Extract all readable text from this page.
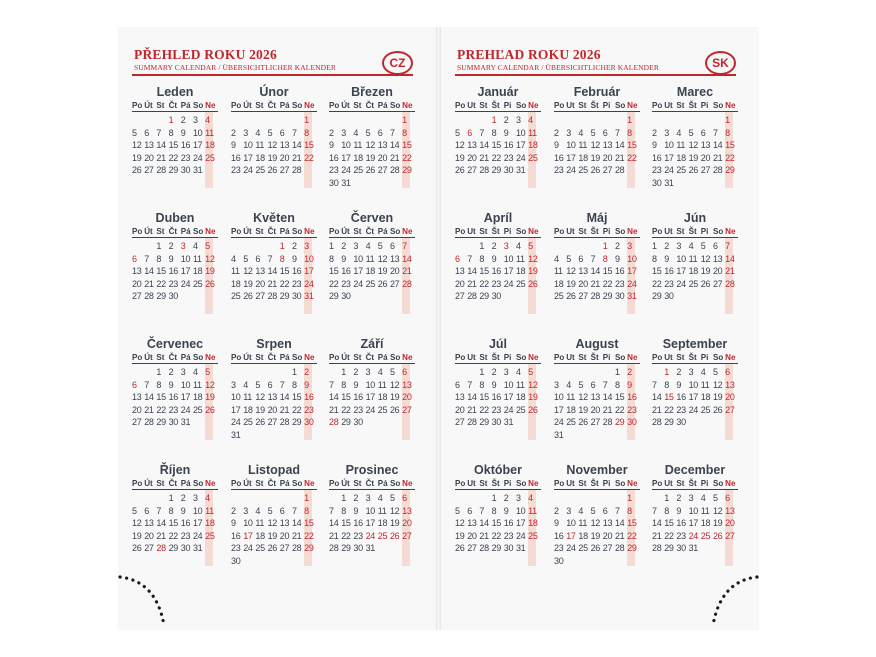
PŘEHLED ROKU 2026
SUMMARY CALENDAR / ÜBERSICHTLICHER KALENDER	CZ
Leden
Po Út St Čt Pá So Ne
1 2 3 4
5 6 7 8 9 10 11
12 13 14 15 16 17 18
19 20 21 22 23 24 25
26 27 28 29 30 31
Únor
Po Út St Čt Pá So Ne
1
2 3 4 5 6 7 8
9 10 11 12 13 14 15
16 17 18 19 20 21 22
23 24 25 26 27 28
Březen
Po Út St Čt Pá So Ne
1
2 3 4 5 6 7 8
9 10 11 12 13 14 15
16 17 18 19 20 21 22
23 24 25 26 27 28 29
30 31
Duben
Po Út St Čt Pá So Ne
1 2 3 4 5
6 7 8 9 10 11 12
13 14 15 16 17 18 19
20 21 22 23 24 25 26
27 28 29 30
Květen
Po Út St Čt Pá So Ne
1 2 3
4 5 6 7 8 9 10
11 12 13 14 15 16 17
18 19 20 21 22 23 24
25 26 27 28 29 30 31
Červen
Po Út St Čt Pá So Ne
1 2 3 4 5 6 7
8 9 10 11 12 13 14
15 16 17 18 19 20 21
22 23 24 25 26 27 28
29 30
Červenec
Po Út St Čt Pá So Ne
1 2 3 4 5
6 7 8 9 10 11 12
13 14 15 16 17 18 19
20 21 22 23 24 25 26
27 28 29 30 31
Srpen
Po Út St Čt Pá So Ne
1 2
3 4 5 6 7 8 9
10 11 12 13 14 15 16
17 18 19 20 21 22 23
24 25 26 27 28 29 30
31
Září
Po Út St Čt Pá So Ne
1 2 3 4 5 6
7 8 9 10 11 12 13
14 15 16 17 18 19 20
21 22 23 24 25 26 27
28 29 30
Říjen
Po Út St Čt Pá So Ne
1 2 3 4
5 6 7 8 9 10 11
12 13 14 15 16 17 18
19 20 21 22 23 24 25
26 27 28 29 30 31
Listopad
Po Út St Čt Pá So Ne
1
2 3 4 5 6 7 8
9 10 11 12 13 14 15
16 17 18 19 20 21 22
23 24 25 26 27 28 29
30
Prosinec
Po Út St Čt Pá So Ne
1 2 3 4 5 6
7 8 9 10 11 12 13
14 15 16 17 18 19 20
21 22 23 24 25 26 27
28 29 30 31
PREHĽAD ROKU 2026
SUMMARY CALENDAR / ÜBERSICHTLICHER KALENDER	SK
Január
Po Ut St Št Pi So Ne
1 2 3 4
5 6 7 8 9 10 11
12 13 14 15 16 17 18
19 20 21 22 23 24 25
26 27 28 29 30 31
Február
Po Ut St Št Pi So Ne
1
2 3 4 5 6 7 8
9 10 11 12 13 14 15
16 17 18 19 20 21 22
23 24 25 26 27 28
Marec
Po Ut St Št Pi So Ne
1
2 3 4 5 6 7 8
9 10 11 12 13 14 15
16 17 18 19 20 21 22
23 24 25 26 27 28 29
30 31
Apríl
Po Ut St Št Pi So Ne
1 2 3 4 5
6 7 8 9 10 11 12
13 14 15 16 17 18 19
20 21 22 23 24 25 26
27 28 29 30
Máj
Po Ut St Št Pi So Ne
1 2 3
4 5 6 7 8 9 10
11 12 13 14 15 16 17
18 19 20 21 22 23 24
25 26 27 28 29 30 31
Jún
Po Ut St Št Pi So Ne
1 2 3 4 5 6 7
8 9 10 11 12 13 14
15 16 17 18 19 20 21
22 23 24 25 26 27 28
29 30
Júl
Po Ut St Št Pi So Ne
1 2 3 4 5
6 7 8 9 10 11 12
13 14 15 16 17 18 19
20 21 22 23 24 25 26
27 28 29 30 31
August
Po Ut St Št Pi So Ne
1 2
3 4 5 6 7 8 9
10 11 12 13 14 15 16
17 18 19 20 21 22 23
24 25 26 27 28 29 30
31
September
Po Ut St Št Pi So Ne
1 2 3 4 5 6
7 8 9 10 11 12 13
14 15 16 17 18 19 20
21 22 23 24 25 26 27
28 29 30
Október
Po Ut St Št Pi So Ne
1 2 3 4
5 6 7 8 9 10 11
12 13 14 15 16 17 18
19 20 21 22 23 24 25
26 27 28 29 30 31
November
Po Ut St Št Pi So Ne
1
2 3 4 5 6 7 8
9 10 11 12 13 14 15
16 17 18 19 20 21 22
23 24 25 26 27 28 29
30
December
Po Ut St Št Pi So Ne
1 2 3 4 5 6
7 8 9 10 11 12 13
14 15 16 17 18 19 20
21 22 23 24 25 26 27
28 29 30 31
